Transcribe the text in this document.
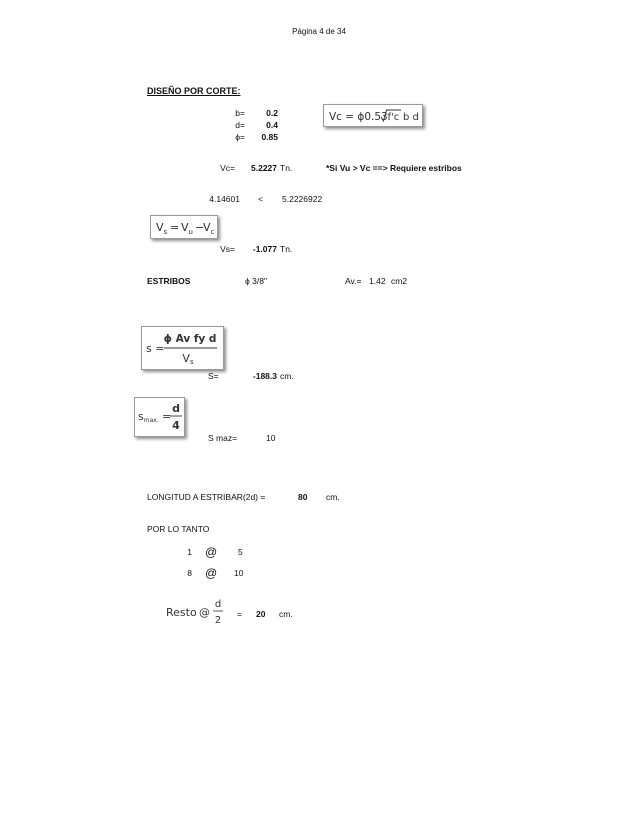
Página 4 de 34
DISEÑO POR CORTE:
b=	0.2
d=	0.4
ϕ=	0.85
Vc = ϕ0.53 f'c b d
Vc=	5.2227 Tn.	*Si Vu > Vc ==> Requiere estribos
4.14601 < 5.2226922
$V_s = V_u - V_c$
Vs=	-1.077 Tn.
ESTRIBOS	ϕ 3/8"	Av.= 1.42 cm2
s =
ϕ Av fy d
Vs
S=	-188.3 cm.
smax. =
d
4
S maz=	10
LONGITUD A ESTRIBAR(2d) =	80 cm.
POR LO TANTO
1 @ 5
8 @ 10
Resto @
d
2
= 20 cm.
